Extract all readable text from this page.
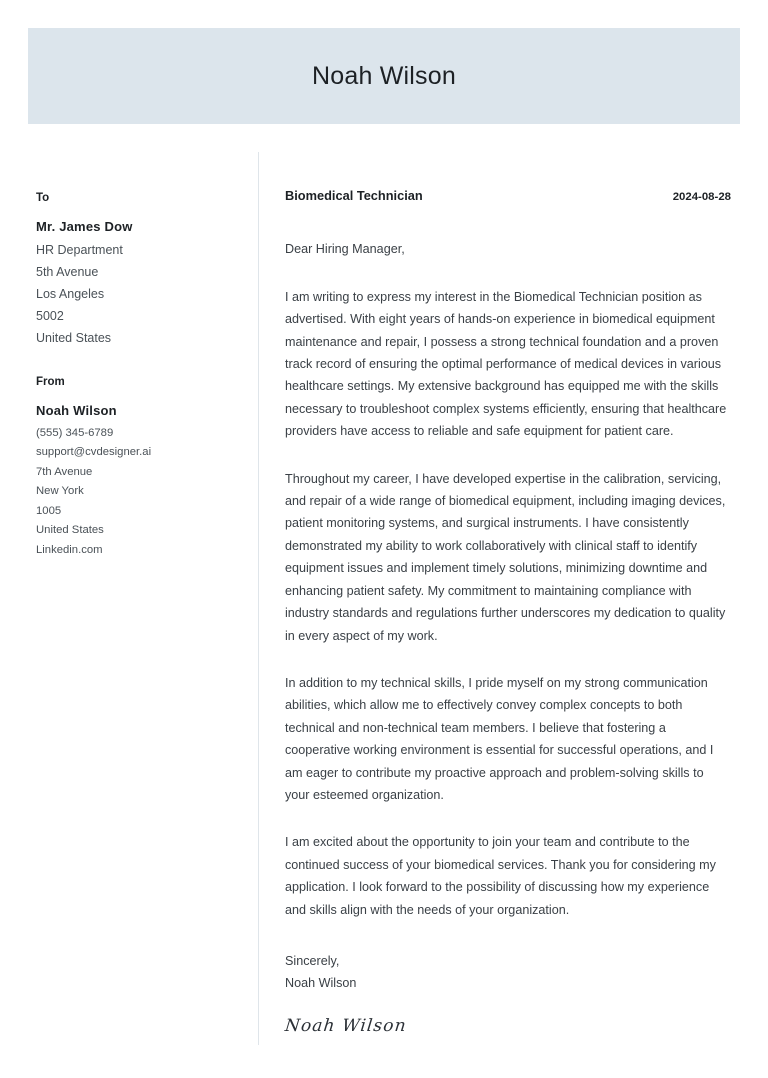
Noah Wilson
To
Mr. James Dow
HR Department
5th Avenue
Los Angeles
5002
United States
From
Noah Wilson
(555) 345-6789
support@cvdesigner.ai
7th Avenue
New York
1005
United States
Linkedin.com
Biomedical Technician	2024-08-28
Dear Hiring Manager,

I am writing to express my interest in the Biomedical Technician position as advertised. With eight years of hands-on experience in biomedical equipment maintenance and repair, I possess a strong technical foundation and a proven track record of ensuring the optimal performance of medical devices in various healthcare settings. My extensive background has equipped me with the skills necessary to troubleshoot complex systems efficiently, ensuring that healthcare providers have access to reliable and safe equipment for patient care.

Throughout my career, I have developed expertise in the calibration, servicing, and repair of a wide range of biomedical equipment, including imaging devices, patient monitoring systems, and surgical instruments. I have consistently demonstrated my ability to work collaboratively with clinical staff to identify equipment issues and implement timely solutions, minimizing downtime and enhancing patient safety. My commitment to maintaining compliance with industry standards and regulations further underscores my dedication to quality in every aspect of my work.

In addition to my technical skills, I pride myself on my strong communication abilities, which allow me to effectively convey complex concepts to both technical and non-technical team members. I believe that fostering a cooperative working environment is essential for successful operations, and I am eager to contribute my proactive approach and problem-solving skills to your esteemed organization.

I am excited about the opportunity to join your team and contribute to the continued success of your biomedical services. Thank you for considering my application. I look forward to the possibility of discussing how my experience and skills align with the needs of your organization.

Sincerely,
Noah Wilson
Noah Wilson
